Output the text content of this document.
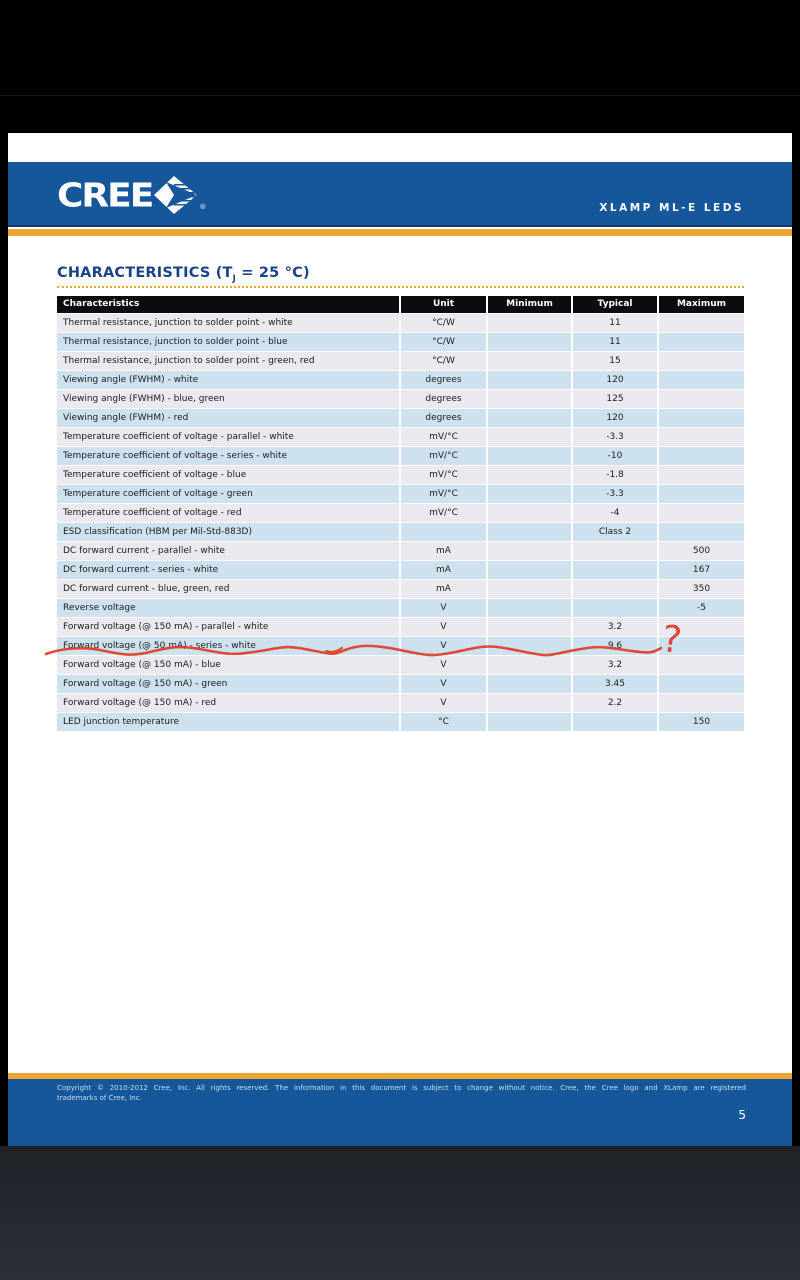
CREE	®	XLAMP ML-E LEDS
CHARACTERISTICS ($T_J = 25$ °C)
Characteristics	Unit	Minimum	Typical	Maximum
Thermal resistance, junction to solder point - white	°C/W		11	
Thermal resistance, junction to solder point - blue	°C/W		11	
Thermal resistance, junction to solder point - green, red	°C/W		15	
Viewing angle (FWHM) - white	degrees		120	
Viewing angle (FWHM) - blue, green	degrees		125	
Viewing angle (FWHM) - red	degrees		120	
Temperature coefficient of voltage - parallel - white	mV/°C		-3.3	
Temperature coefficient of voltage - series - white	mV/°C		-10	
Temperature coefficient of voltage - blue	mV/°C		-1.8	
Temperature coefficient of voltage - green	mV/°C		-3.3	
Temperature coefficient of voltage - red	mV/°C		-4	
ESD classification (HBM per Mil-Std-883D)			Class 2	
DC forward current - parallel - white	mA			500
DC forward current - series - white	mA			167
DC forward current - blue, green, red	mA			350
Reverse voltage	V			-5
Forward voltage (@ 150 mA) - parallel - white	V		3.2	
Forward voltage (@ 50 mA) - series - white	V		9.6	
Forward voltage (@ 150 mA) - blue	V		3.2	
Forward voltage (@ 150 mA) - green	V		3.45	
Forward voltage (@ 150 mA) - red	V		2.2	
LED junction temperature	°C			150
Copyright © 2010-2012 Cree, Inc. All rights reserved. The information in this document is subject to change without notice. Cree, the Cree logo and XLamp are registered
trademarks of Cree, Inc.
5
?
